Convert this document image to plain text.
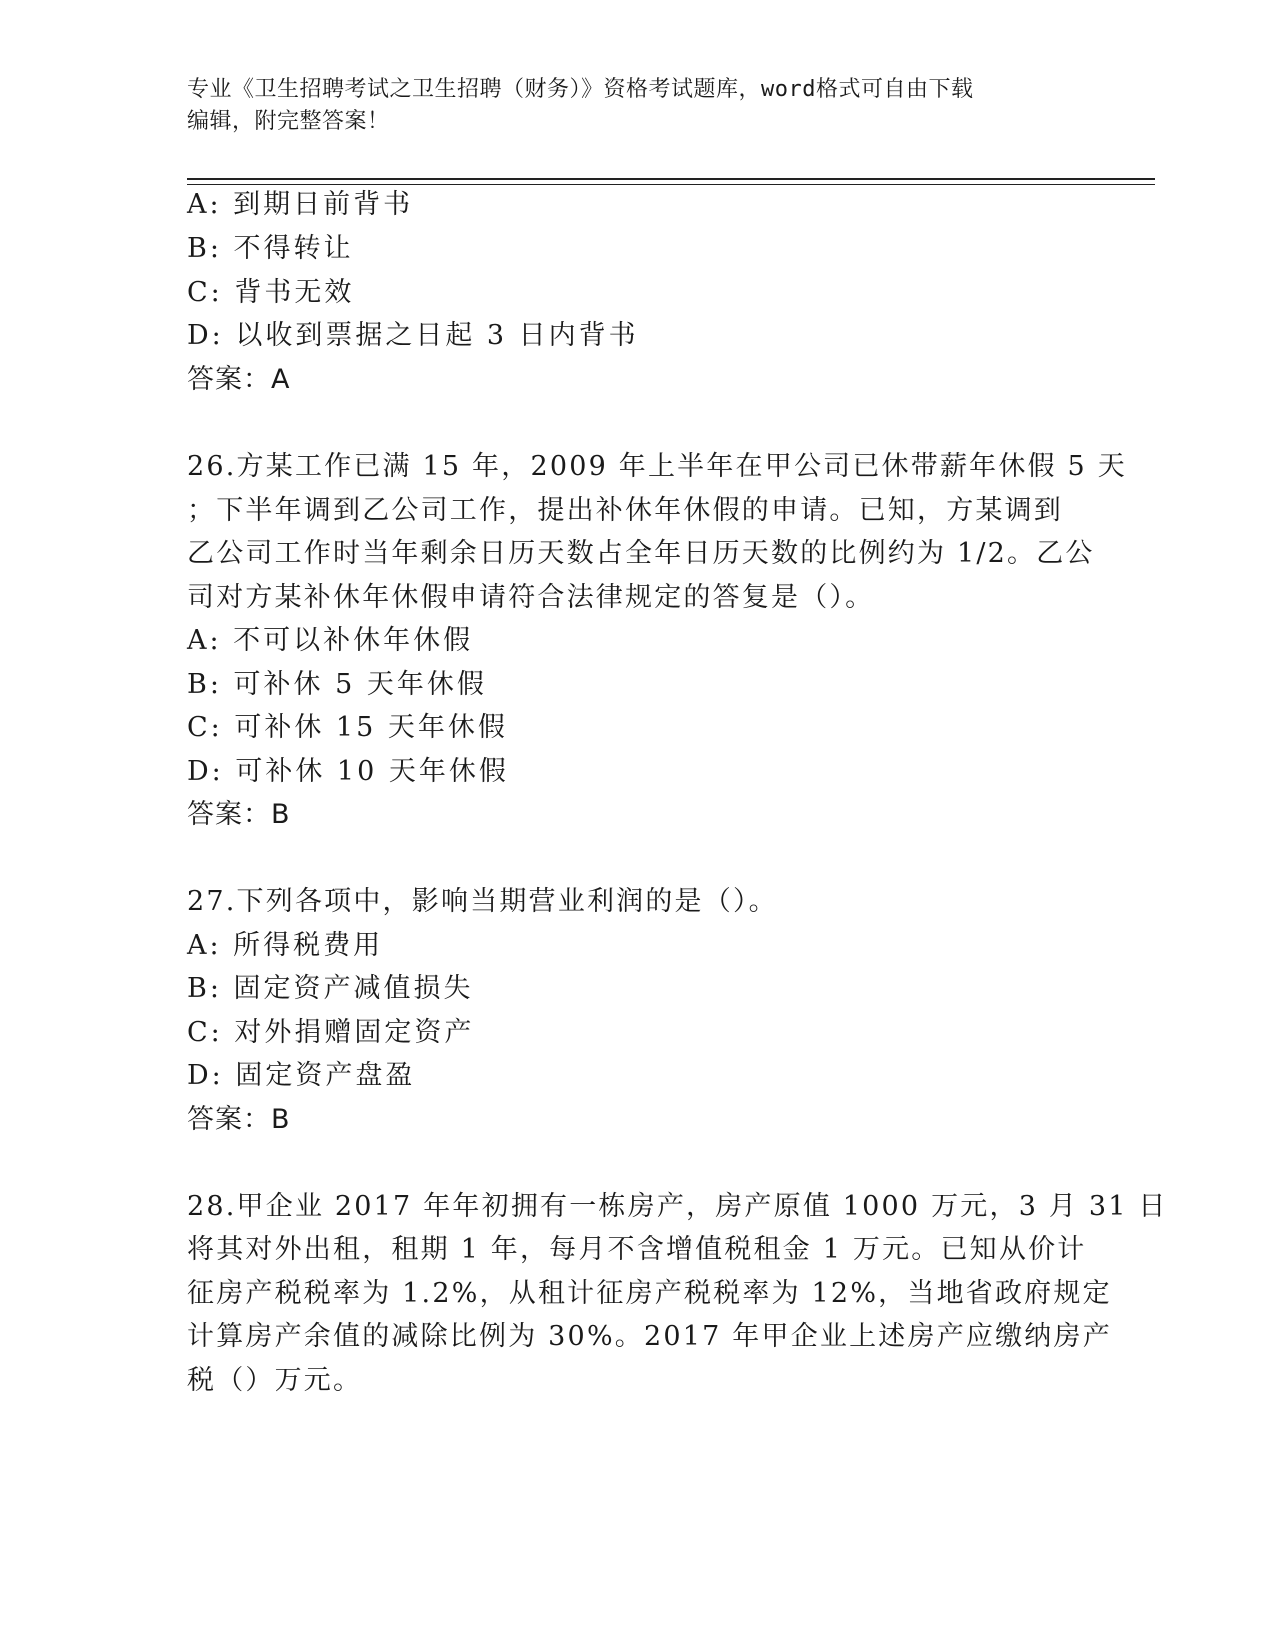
专业《卫生招聘考试之卫生招聘（财务）》资格考试题库，word格式可自由下载
编辑，附完整答案！
A: 到期日前背书
B: 不得转让
C: 背书无效
D: 以收到票据之日起 3 日内背书
答案：A
26.方某工作已满 15 年，2009 年上半年在甲公司已休带薪年休假 5 天
；下半年调到乙公司工作，提出补休年休假的申请。已知，方某调到
乙公司工作时当年剩余日历天数占全年日历天数的比例约为 1/2。乙公
司对方某补休年休假申请符合法律规定的答复是（）。
A: 不可以补休年休假
B: 可补休 5 天年休假
C: 可补休 15 天年休假
D: 可补休 10 天年休假
答案：B
27.下列各项中，影响当期营业利润的是（）。
A: 所得税费用
B: 固定资产减值损失
C: 对外捐赠固定资产
D: 固定资产盘盈
答案：B
28.甲企业 2017 年年初拥有一栋房产，房产原值 1000 万元，3 月 31 日
将其对外出租，租期 1 年，每月不含增值税租金 1 万元。已知从价计
征房产税税率为 1.2%，从租计征房产税税率为 12%，当地省政府规定
计算房产余值的减除比例为 30%。2017 年甲企业上述房产应缴纳房产
税（）万元。
